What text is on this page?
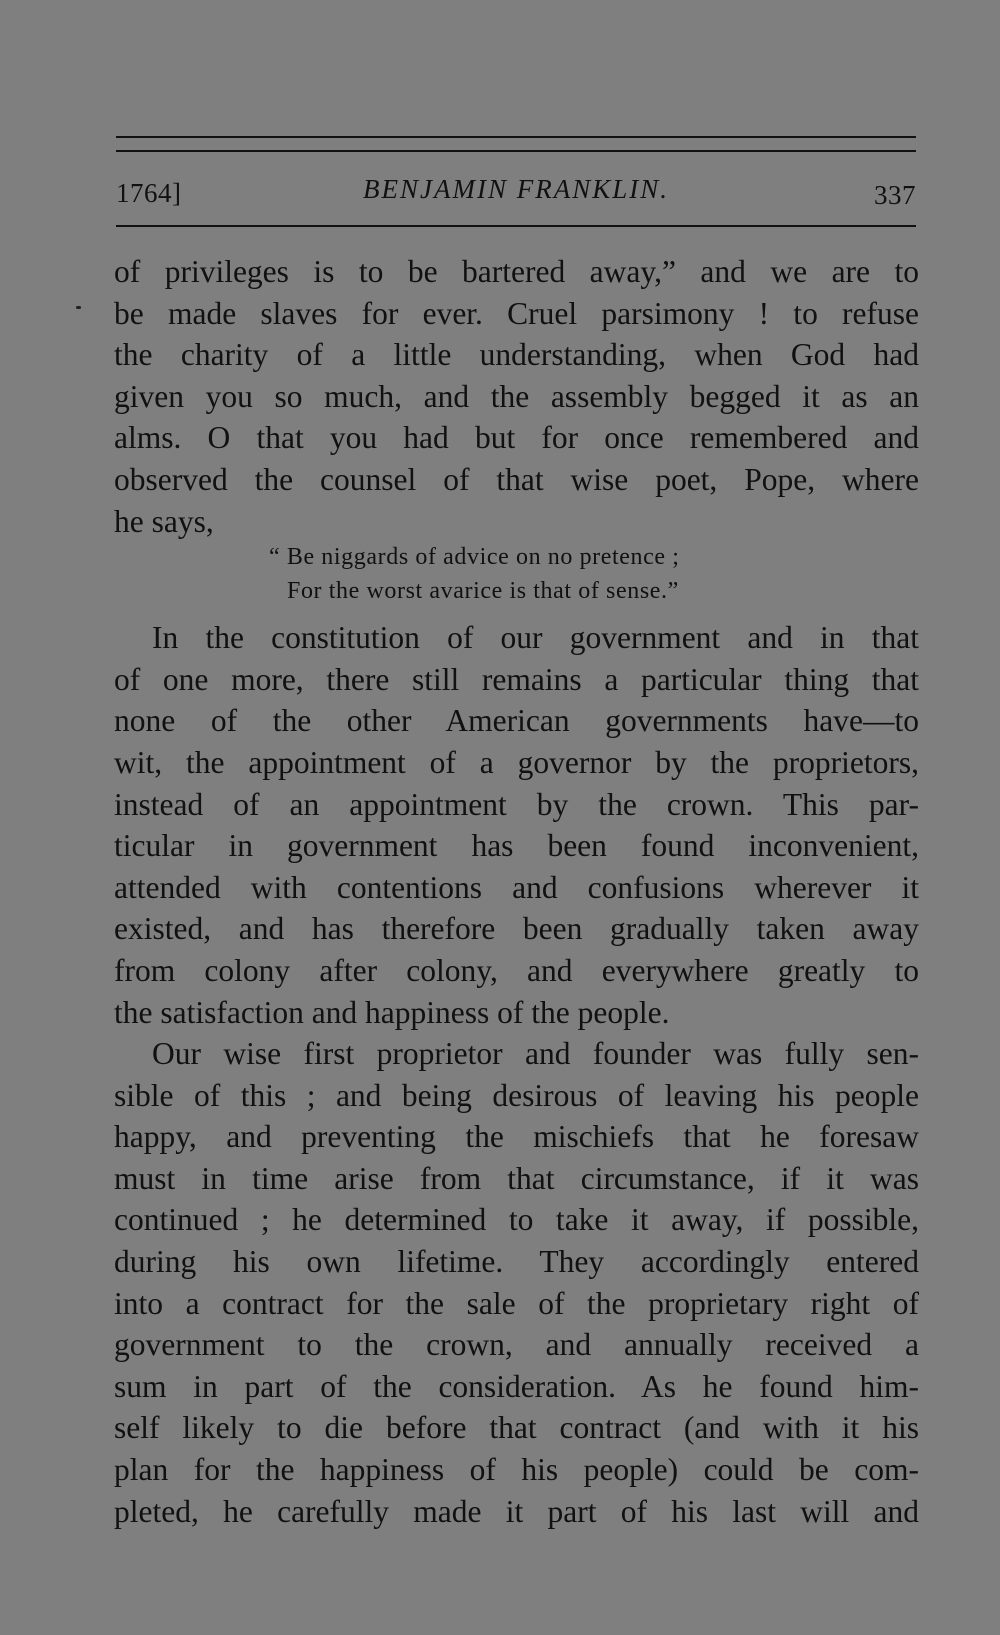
1764]	BENJAMIN FRANKLIN.	337
of privileges is to be bartered away,” and we are to
be made slaves for ever. Cruel parsimony ! to refuse
the charity of a little understanding, when God had
given you so much, and the assembly begged it as an
alms. O that you had but for once remembered and
observed the counsel of that wise poet, Pope, where
he says,
“ Be niggards of advice on no pretence ;
For the worst avarice is that of sense.”
In the constitution of our government and in that
of one more, there still remains a particular thing that
none of the other American governments have—to
wit, the appointment of a governor by the proprietors,
instead of an appointment by the crown. This par-
ticular in government has been found inconvenient,
attended with contentions and confusions wherever it
existed, and has therefore been gradually taken away
from colony after colony, and everywhere greatly to
the satisfaction and happiness of the people.
Our wise first proprietor and founder was fully sen-
sible of this ; and being desirous of leaving his people
happy, and preventing the mischiefs that he foresaw
must in time arise from that circumstance, if it was
continued ; he determined to take it away, if possible,
during his own lifetime. They accordingly entered
into a contract for the sale of the proprietary right of
government to the crown, and annually received a
sum in part of the consideration. As he found him-
self likely to die before that contract (and with it his
plan for the happiness of his people) could be com-
pleted, he carefully made it part of his last will and
